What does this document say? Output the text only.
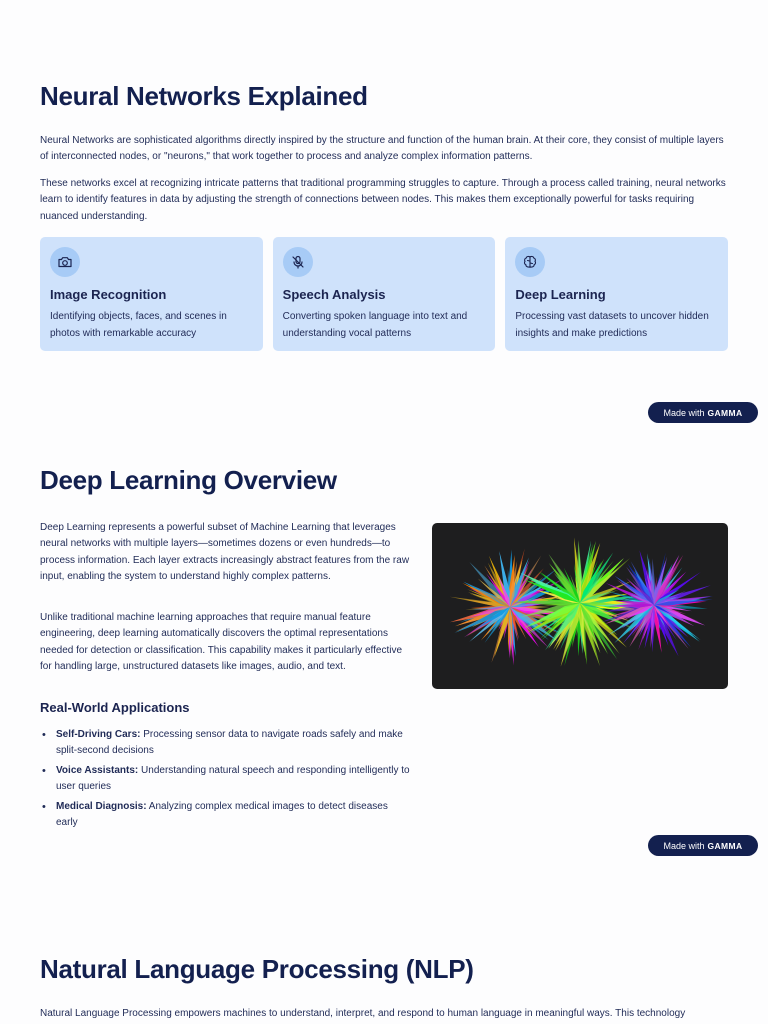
Neural Networks Explained

Neural Networks are sophisticated algorithms directly inspired by the structure and function of the human brain. At their core, they consist of multiple layers of interconnected nodes, or "neurons," that work together to process and analyze complex information patterns.

These networks excel at recognizing intricate patterns that traditional programming struggles to capture. Through a process called training, neural networks learn to identify features in data by adjusting the strength of connections between nodes. This makes them exceptionally powerful for tasks requiring nuanced understanding.

Image Recognition
Identifying objects, faces, and scenes in photos with remarkable accuracy
Speech Analysis
Converting spoken language into text and understanding vocal patterns
Deep Learning
Processing vast datasets to uncover hidden insights and make predictions
Made with GAMMA
Deep Learning Overview

Deep Learning represents a powerful subset of Machine Learning that leverages neural networks with multiple layers—sometimes dozens or even hundreds—to process information. Each layer extracts increasingly abstract features from the raw input, enabling the system to understand highly complex patterns.

Unlike traditional machine learning approaches that require manual feature engineering, deep learning automatically discovers the optimal representations needed for detection or classification. This capability makes it particularly effective for handling large, unstructured datasets like images, audio, and text.

Real-World Applications
• Self-Driving Cars: Processing sensor data to navigate roads safely and make split-second decisions
• Voice Assistants: Understanding natural speech and responding intelligently to user queries
• Medical Diagnosis: Analyzing complex medical images to detect diseases early
Made with GAMMA
Natural Language Processing (NLP)

Natural Language Processing empowers machines to understand, interpret, and respond to human language in meaningful ways. This technology
